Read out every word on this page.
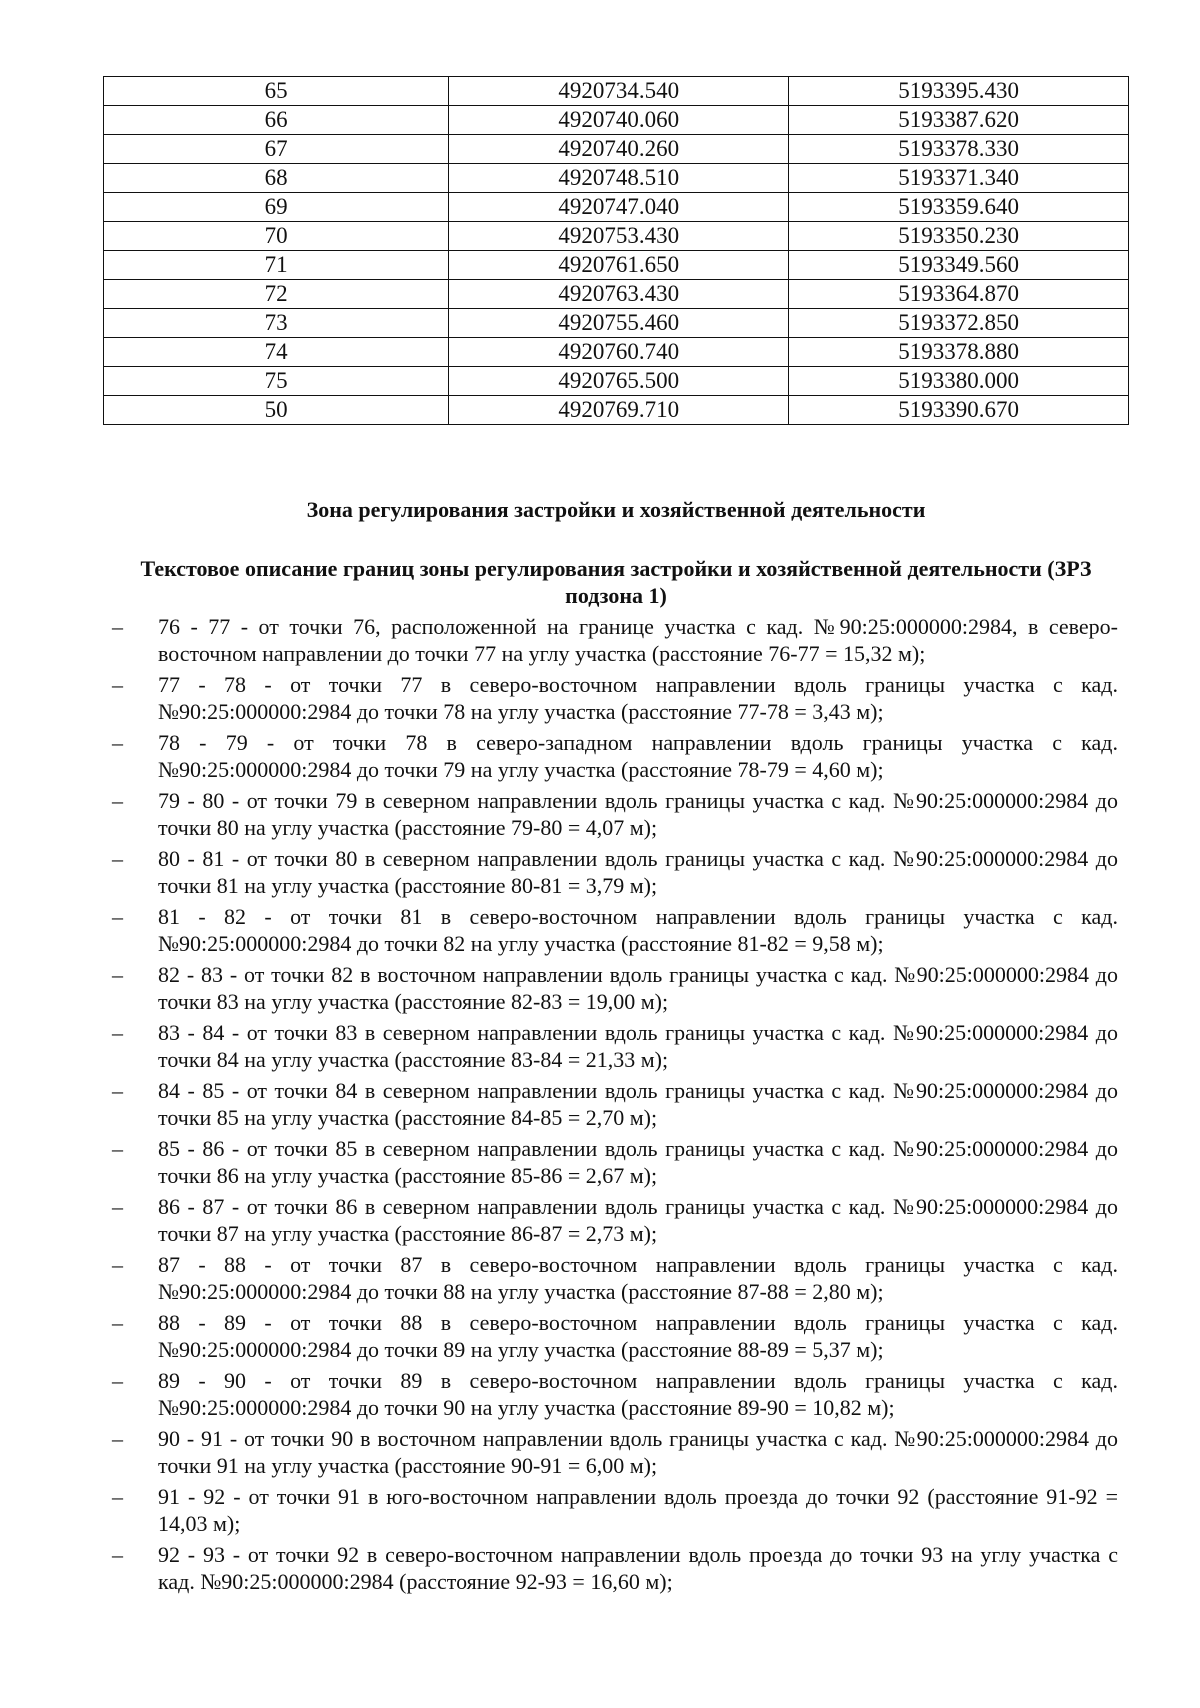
65	4920734.540	5193395.430
66	4920740.060	5193387.620
67	4920740.260	5193378.330
68	4920748.510	5193371.340
69	4920747.040	5193359.640
70	4920753.430	5193350.230
71	4920761.650	5193349.560
72	4920763.430	5193364.870
73	4920755.460	5193372.850
74	4920760.740	5193378.880
75	4920765.500	5193380.000
50	4920769.710	5193390.670
Зона регулирования застройки и хозяйственной деятельности
Текстовое описание границ зоны регулирования застройки и хозяйственной деятельности (ЗРЗ подзона 1)
– 76 - 77 - от точки 76, расположенной на границе участка с кад. №90:25:000000:2984, в северо-восточном направлении до точки 77 на углу участка (расстояние 76-77 = 15,32 м);
– 77 - 78 - от точки 77 в северо-восточном направлении вдоль границы участка с кад. №90:25:000000:2984 до точки 78 на углу участка (расстояние 77-78 = 3,43 м);
– 78 - 79 - от точки 78 в северо-западном направлении вдоль границы участка с кад. №90:25:000000:2984 до точки 79 на углу участка (расстояние 78-79 = 4,60 м);
– 79 - 80 - от точки 79 в северном направлении вдоль границы участка с кад. №90:25:000000:2984 до точки 80 на углу участка (расстояние 79-80 = 4,07 м);
– 80 - 81 - от точки 80 в северном направлении вдоль границы участка с кад. №90:25:000000:2984 до точки 81 на углу участка (расстояние 80-81 = 3,79 м);
– 81 - 82 - от точки 81 в северо-восточном направлении вдоль границы участка с кад. №90:25:000000:2984 до точки 82 на углу участка (расстояние 81-82 = 9,58 м);
– 82 - 83 - от точки 82 в восточном направлении вдоль границы участка с кад. №90:25:000000:2984 до точки 83 на углу участка (расстояние 82-83 = 19,00 м);
– 83 - 84 - от точки 83 в северном направлении вдоль границы участка с кад. №90:25:000000:2984 до точки 84 на углу участка (расстояние 83-84 = 21,33 м);
– 84 - 85 - от точки 84 в северном направлении вдоль границы участка с кад. №90:25:000000:2984 до точки 85 на углу участка (расстояние 84-85 = 2,70 м);
– 85 - 86 - от точки 85 в северном направлении вдоль границы участка с кад. №90:25:000000:2984 до точки 86 на углу участка (расстояние 85-86 = 2,67 м);
– 86 - 87 - от точки 86 в северном направлении вдоль границы участка с кад. №90:25:000000:2984 до точки 87 на углу участка (расстояние 86-87 = 2,73 м);
– 87 - 88 - от точки 87 в северо-восточном направлении вдоль границы участка с кад. №90:25:000000:2984 до точки 88 на углу участка (расстояние 87-88 = 2,80 м);
– 88 - 89 - от точки 88 в северо-восточном направлении вдоль границы участка с кад. №90:25:000000:2984 до точки 89 на углу участка (расстояние 88-89 = 5,37 м);
– 89 - 90 - от точки 89 в северо-восточном направлении вдоль границы участка с кад. №90:25:000000:2984 до точки 90 на углу участка (расстояние 89-90 = 10,82 м);
– 90 - 91 - от точки 90 в восточном направлении вдоль границы участка с кад. №90:25:000000:2984 до точки 91 на углу участка (расстояние 90-91 = 6,00 м);
– 91 - 92 - от точки 91 в юго-восточном направлении вдоль проезда до точки 92 (расстояние 91-92 = 14,03 м);
– 92 - 93 - от точки 92 в северо-восточном направлении вдоль проезда до точки 93 на углу участка с кад. №90:25:000000:2984 (расстояние 92-93 = 16,60 м);
